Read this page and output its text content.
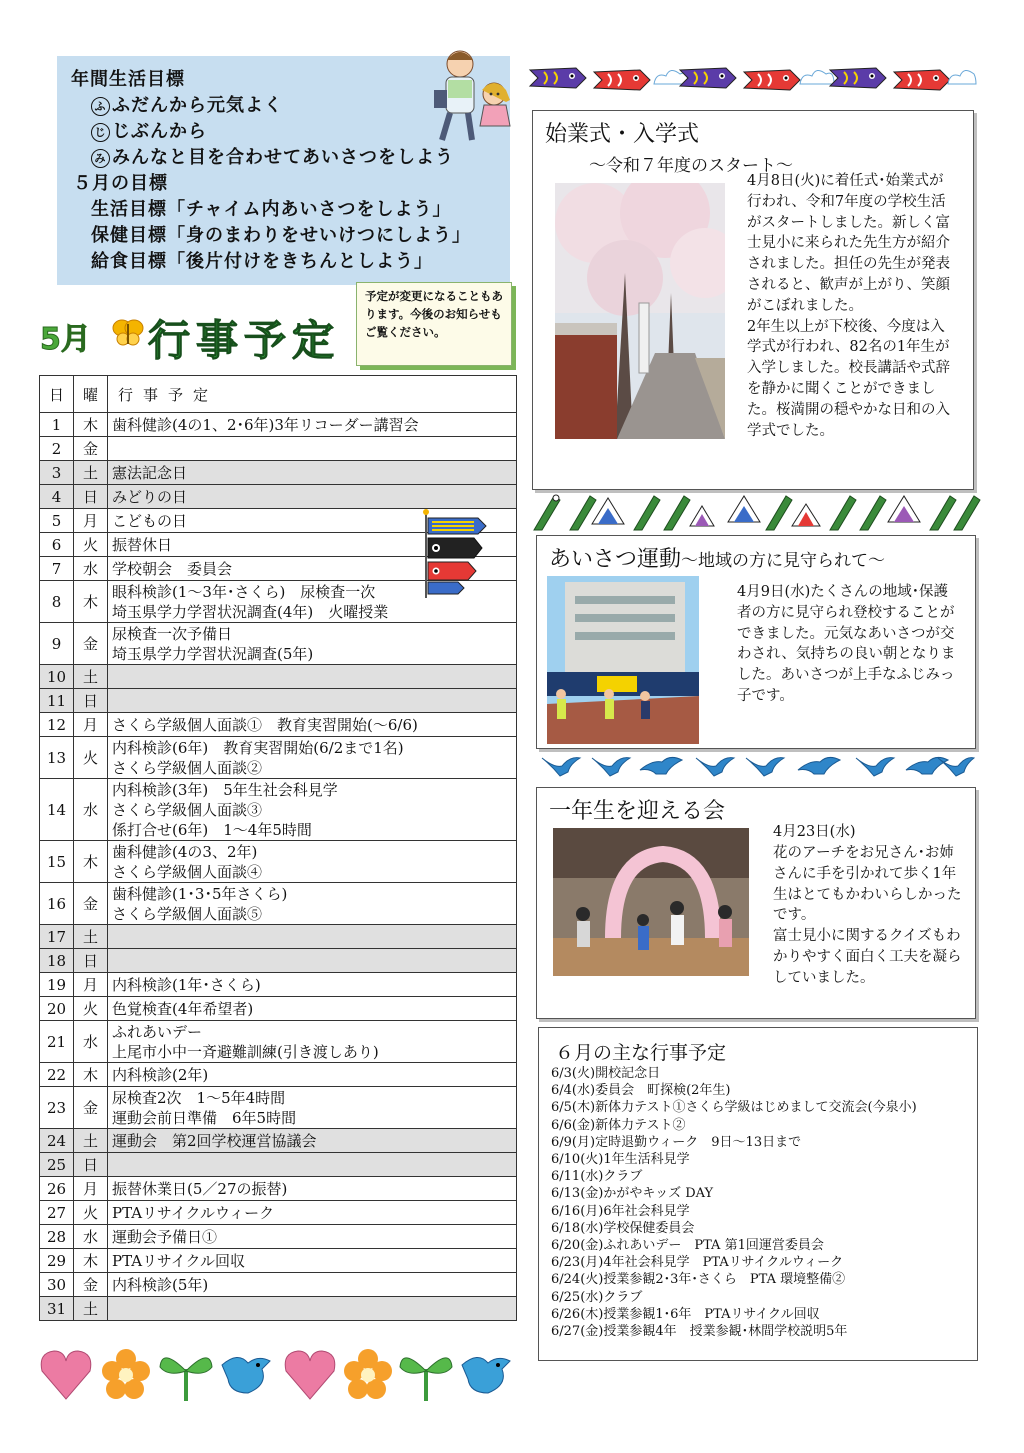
年間生活目標
ふ ふだんから元気よく
じ じぶんから
み みんなと目を合わせてあいさつをしよう
５月の目標
生活目標「チャイム内あいさつをしよう」
保健目標「身のまわりをせいけつにしよう」
給食目標「後片付けをきちんとしよう」
5月 行事予定
予定が変更になることもあります。今後のお知らせもご覧ください。
日	曜	行事予定
1	木	歯科健診(4の1、2･6年)3年リコーダー講習会
2	金	
3	土	憲法記念日
4	日	みどりの日
5	月	こどもの日
6	火	振替休日
7	水	学校朝会　委員会
8	木	眼科検診(1～3年･さくら)　尿検査一次
埼玉県学力学習状況調査(4年)　火曜授業
9	金	尿検査一次予備日
埼玉県学力学習状況調査(5年)
10	土	
11	日	
12	月	さくら学級個人面談①　教育実習開始(～6/6)
13	火	内科検診(6年)　教育実習開始(6/2まで1名)
さくら学級個人面談②
14	水	内科検診(3年)　5年生社会科見学
さくら学級個人面談③
係打合せ(6年)　1～4年5時間
15	木	歯科健診(4の3、2年)
さくら学級個人面談④
16	金	歯科健診(1･3･5年さくら)
さくら学級個人面談⑤
17	土	
18	日	
19	月	内科検診(1年･さくら)
20	火	色覚検査(4年希望者)
21	水	ふれあいデー
上尾市小中一斉避難訓練(引き渡しあり)
22	木	内科検診(2年)
23	金	尿検査2次　1～5年4時間
運動会前日準備　6年5時間
24	土	運動会　第2回学校運営協議会
25	日	
26	月	振替休業日(5／27の振替)
27	火	PTAリサイクルウィーク
28	水	運動会予備日①
29	木	PTAリサイクル回収
30	金	内科検診(5年)
31	土	
始業式・入学式
～令和７年度のスタート～
4月8日(火)に着任式･始業式が行われ、令和7年度の学校生活がスタートしました。新しく富士見小に来られた先生方が紹介されました。担任の先生が発表されると、歓声が上がり、笑顔がこぼれました。
2年生以上が下校後、今度は入学式が行われ、82名の1年生が入学しました。校長講話や式辞を静かに聞くことができました。桜満開の穏やかな日和の入学式でした。
あいさつ運動～地域の方に見守られて～
4月9日(水)たくさんの地域･保護者の方に見守られ登校することができました。元気なあいさつが交わされ、気持ちの良い朝となりました。あいさつが上手なふじみっ子です。
一年生を迎える会
4月23日(水)
花のアーチをお兄さん･お姉さんに手を引かれて歩く1年生はとてもかわいらしかったです。
富士見小に関するクイズもわかりやすく面白く工夫を凝らしていました。
６月の主な行事予定
6/3(火)開校記念日
6/4(水)委員会　町探検(2年生)
6/5(木)新体力テスト①さくら学級はじめまして交流会(今泉小)
6/6(金)新体力テスト②
6/9(月)定時退勤ウィーク　9日～13日まで
6/10(火)1年生活科見学
6/11(水)クラブ
6/13(金)かがやキッズ DAY
6/16(月)6年社会科見学
6/18(水)学校保健委員会
6/20(金)ふれあいデー　PTA 第1回運営委員会
6/23(月)4年社会科見学　PTAリサイクルウィーク
6/24(火)授業参観2･3年･さくら　PTA 環境整備②
6/25(水)クラブ
6/26(木)授業参観1･6年　PTAリサイクル回収
6/27(金)授業参観4年　授業参観･林間学校説明5年
